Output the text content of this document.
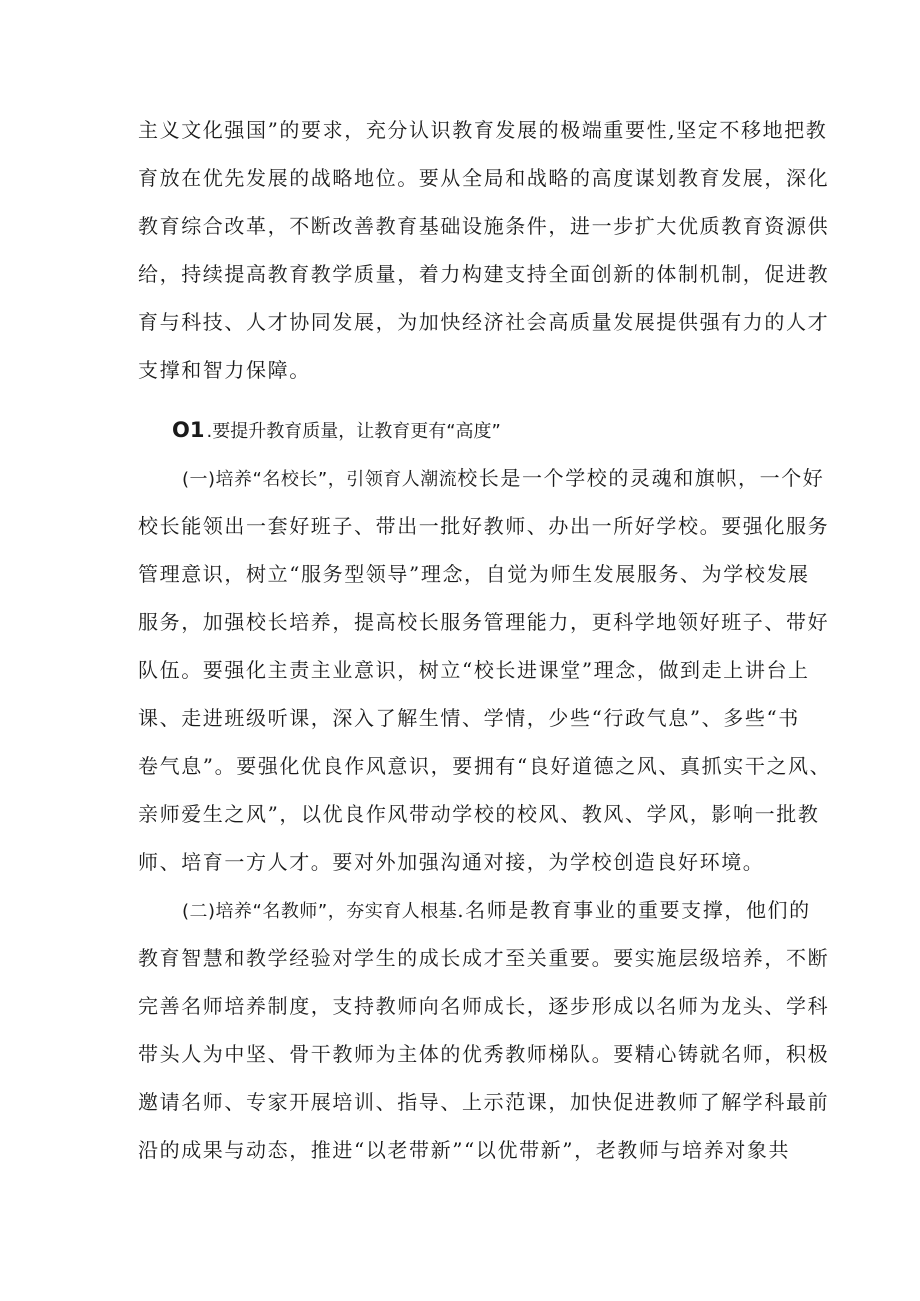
主义文化强国”的要求，充分认识教育发展的极端重要性,坚定不移地把教
育放在优先发展的战略地位。要从全局和战略的高度谋划教育发展，深化
教育综合改革，不断改善教育基础设施条件，进一步扩大优质教育资源供
给，持续提高教育教学质量，着力构建支持全面创新的体制机制，促进教
育与科技、人才协同发展，为加快经济社会高质量发展提供强有力的人才
支撑和智力保障。
O1 .要提升教育质量，让教育更有“高度”
(一)培养“名校长”，引领育人潮流校长是一个学校的灵魂和旗帜，一个好
校长能领出一套好班子、带出一批好教师、办出一所好学校。要强化服务
管理意识，树立“服务型领导”理念，自觉为师生发展服务、为学校发展
服务，加强校长培养，提高校长服务管理能力，更科学地领好班子、带好
队伍。要强化主责主业意识，树立“校长进课堂”理念，做到走上讲台上
课、走进班级听课，深入了解生情、学情，少些“行政气息”、多些“书
卷气息”。要强化优良作风意识，要拥有“良好道德之风、真抓实干之风、
亲师爱生之风”，以优良作风带动学校的校风、教风、学风，影响一批教
师、培育一方人才。要对外加强沟通对接，为学校创造良好环境。
(二)培养“名教师”，夯实育人根基.名师是教育事业的重要支撑，他们的
教育智慧和教学经验对学生的成长成才至关重要。要实施层级培养，不断
完善名师培养制度，支持教师向名师成长，逐步形成以名师为龙头、学科
带头人为中坚、骨干教师为主体的优秀教师梯队。要精心铸就名师，积极
邀请名师、专家开展培训、指导、上示范课，加快促进教师了解学科最前
沿的成果与动态，推进“以老带新”“以优带新”，老教师与培养对象共
